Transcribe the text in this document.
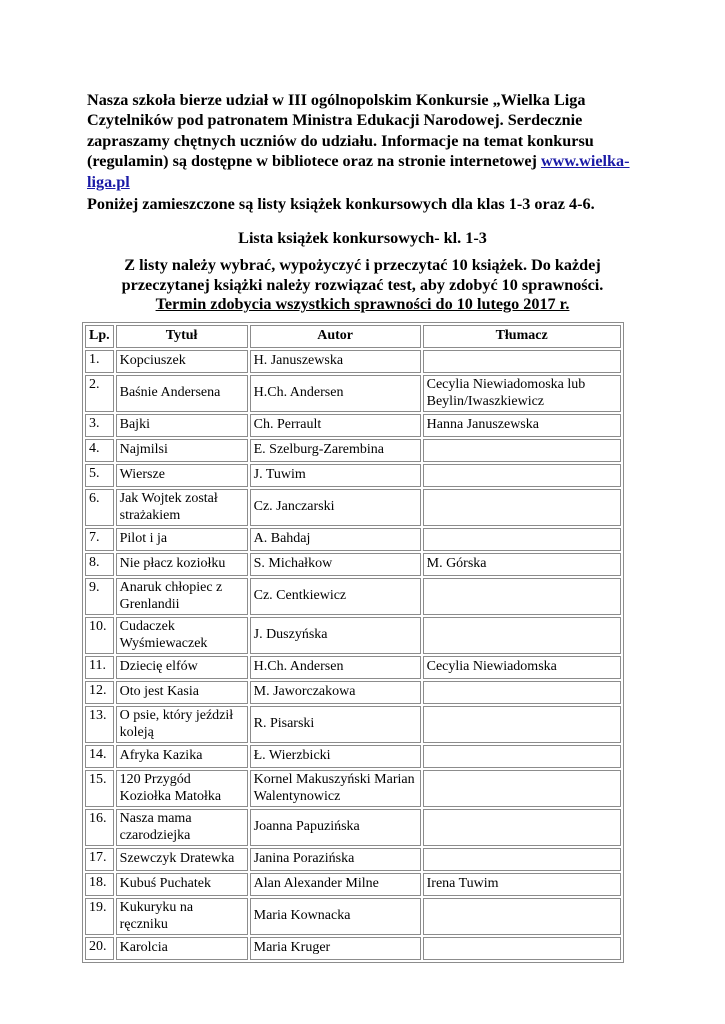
Nasza szkoła bierze udział w III ogólnopolskim Konkursie „Wielka Liga Czytelników pod patronatem Ministra Edukacji Narodowej. Serdecznie zapraszamy chętnych uczniów do udziału. Informacje na temat konkursu (regulamin) są dostępne w bibliotece oraz na stronie internetowej www.wielka-liga.pl
Poniżej zamieszczone są listy książek konkursowych dla klas 1-3 oraz 4-6.
Lista książek konkursowych- kl. 1-3
Z listy należy wybrać, wypożyczyć i przeczytać 10 książek. Do każdej przeczytanej książki należy rozwiązać test, aby zdobyć 10 sprawności.
Termin zdobycia wszystkich sprawności do 10 lutego 2017 r.
Lp.	Tytuł	Autor	Tłumacz
1.	Kopciuszek	H. Januszewska	
2.	Baśnie Andersena	H.Ch. Andersen	Cecylia Niewiadomoska lub Beylin/Iwaszkiewicz
3.	Bajki	Ch. Perrault	Hanna Januszewska
4.	Najmilsi	E. Szelburg-Zarembina	
5.	Wiersze	J. Tuwim	
6.	Jak Wojtek został strażakiem	Cz. Janczarski	
7.	Pilot i ja	A. Bahdaj	
8.	Nie płacz koziołku	S. Michałkow	M. Górska
9.	Anaruk chłopiec z Grenlandii	Cz. Centkiewicz	
10.	Cudaczek Wyśmiewaczek	J. Duszyńska	
11.	Dziecię elfów	H.Ch. Andersen	Cecylia Niewiadomska
12.	Oto jest Kasia	M. Jaworczakowa	
13.	O psie, który jeździł koleją	R. Pisarski	
14.	Afryka Kazika	Ł. Wierzbicki	
15.	120 Przygód Koziołka Matołka	Kornel Makuszyński Marian Walentynowicz	
16.	Nasza mama czarodziejka	Joanna Papuzińska	
17.	Szewczyk Dratewka	Janina Porazińska	
18.	Kubuś Puchatek	Alan Alexander Milne	Irena Tuwim
19.	Kukuryku na ręczniku	Maria Kownacka	
20.	Karolcia	Maria Kruger	
